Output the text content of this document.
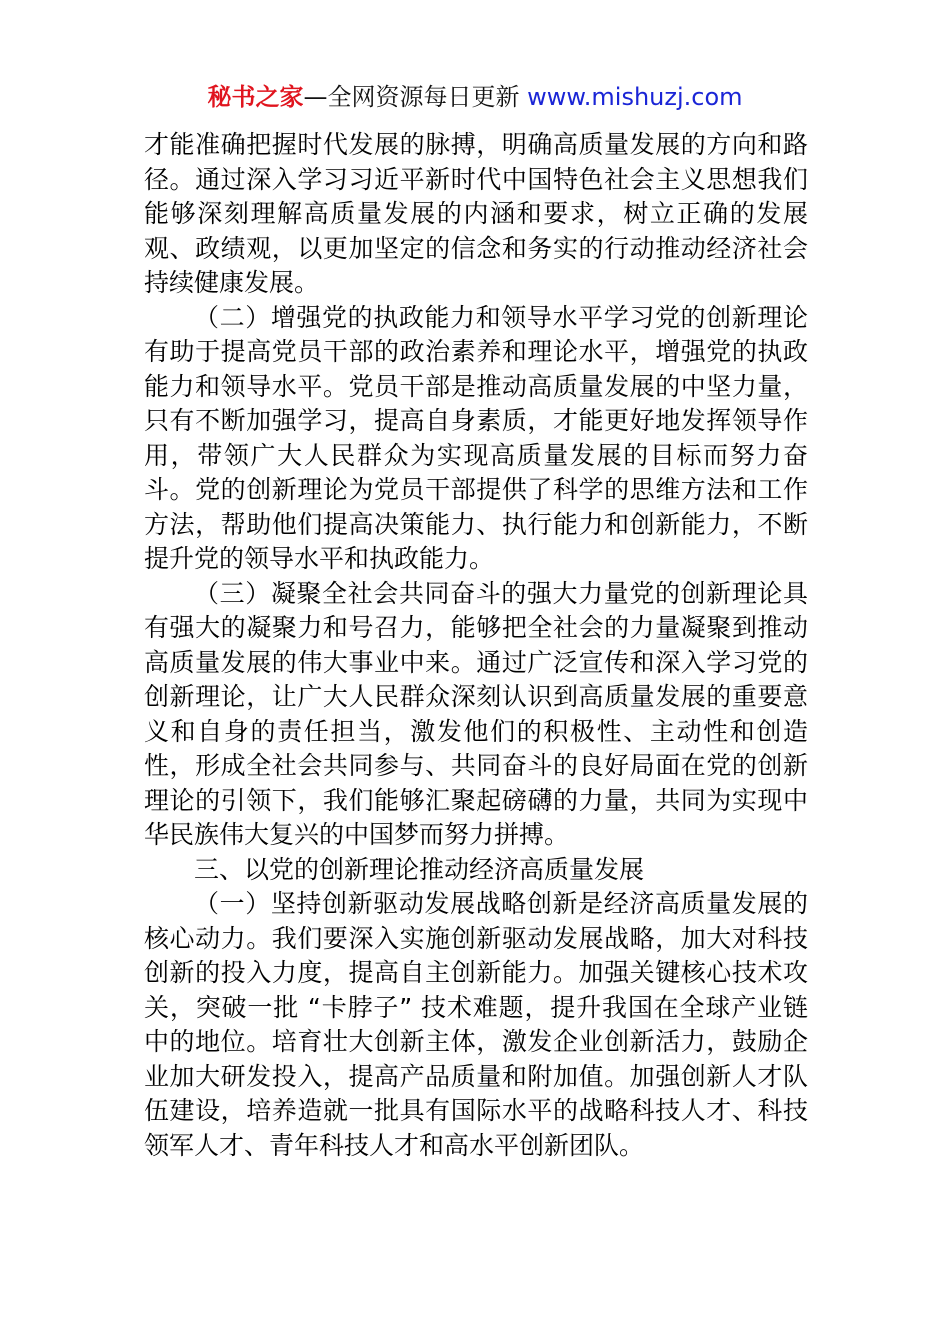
秘书之家—全网资源每日更新 www.mishuzj.com

才能准确把握时代发展的脉搏，明确高质量发展的方向和路径。通过深入学习习近平新时代中国特色社会主义思想我们能够深刻理解高质量发展的内涵和要求，树立正确的发展观、政绩观，以更加坚定的信念和务实的行动推动经济社会持续健康发展。

（二）增强党的执政能力和领导水平学习党的创新理论有助于提高党员干部的政治素养和理论水平，增强党的执政能力和领导水平。党员干部是推动高质量发展的中坚力量，只有不断加强学习，提高自身素质，才能更好地发挥领导作用，带领广大人民群众为实现高质量发展的目标而努力奋斗。党的创新理论为党员干部提供了科学的思维方法和工作方法，帮助他们提高决策能力、执行能力和创新能力，不断提升党的领导水平和执政能力。

（三）凝聚全社会共同奋斗的强大力量党的创新理论具有强大的凝聚力和号召力，能够把全社会的力量凝聚到推动高质量发展的伟大事业中来。通过广泛宣传和深入学习党的创新理论，让广大人民群众深刻认识到高质量发展的重要意义和自身的责任担当，激发他们的积极性、主动性和创造性，形成全社会共同参与、共同奋斗的良好局面在党的创新理论的引领下，我们能够汇聚起磅礴的力量，共同为实现中华民族伟大复兴的中国梦而努力拼搏。

三、以党的创新理论推动经济高质量发展

（一）坚持创新驱动发展战略创新是经济高质量发展的核心动力。我们要深入实施创新驱动发展战略，加大对科技创新的投入力度，提高自主创新能力。加强关键核心技术攻关，突破一批 “卡脖子” 技术难题，提升我国在全球产业链中的地位。培育壮大创新主体，激发企业创新活力，鼓励企业加大研发投入，提高产品质量和附加值。加强创新人才队伍建设，培养造就一批具有国际水平的战略科技人才、科技领军人才、青年科技人才和高水平创新团队。
